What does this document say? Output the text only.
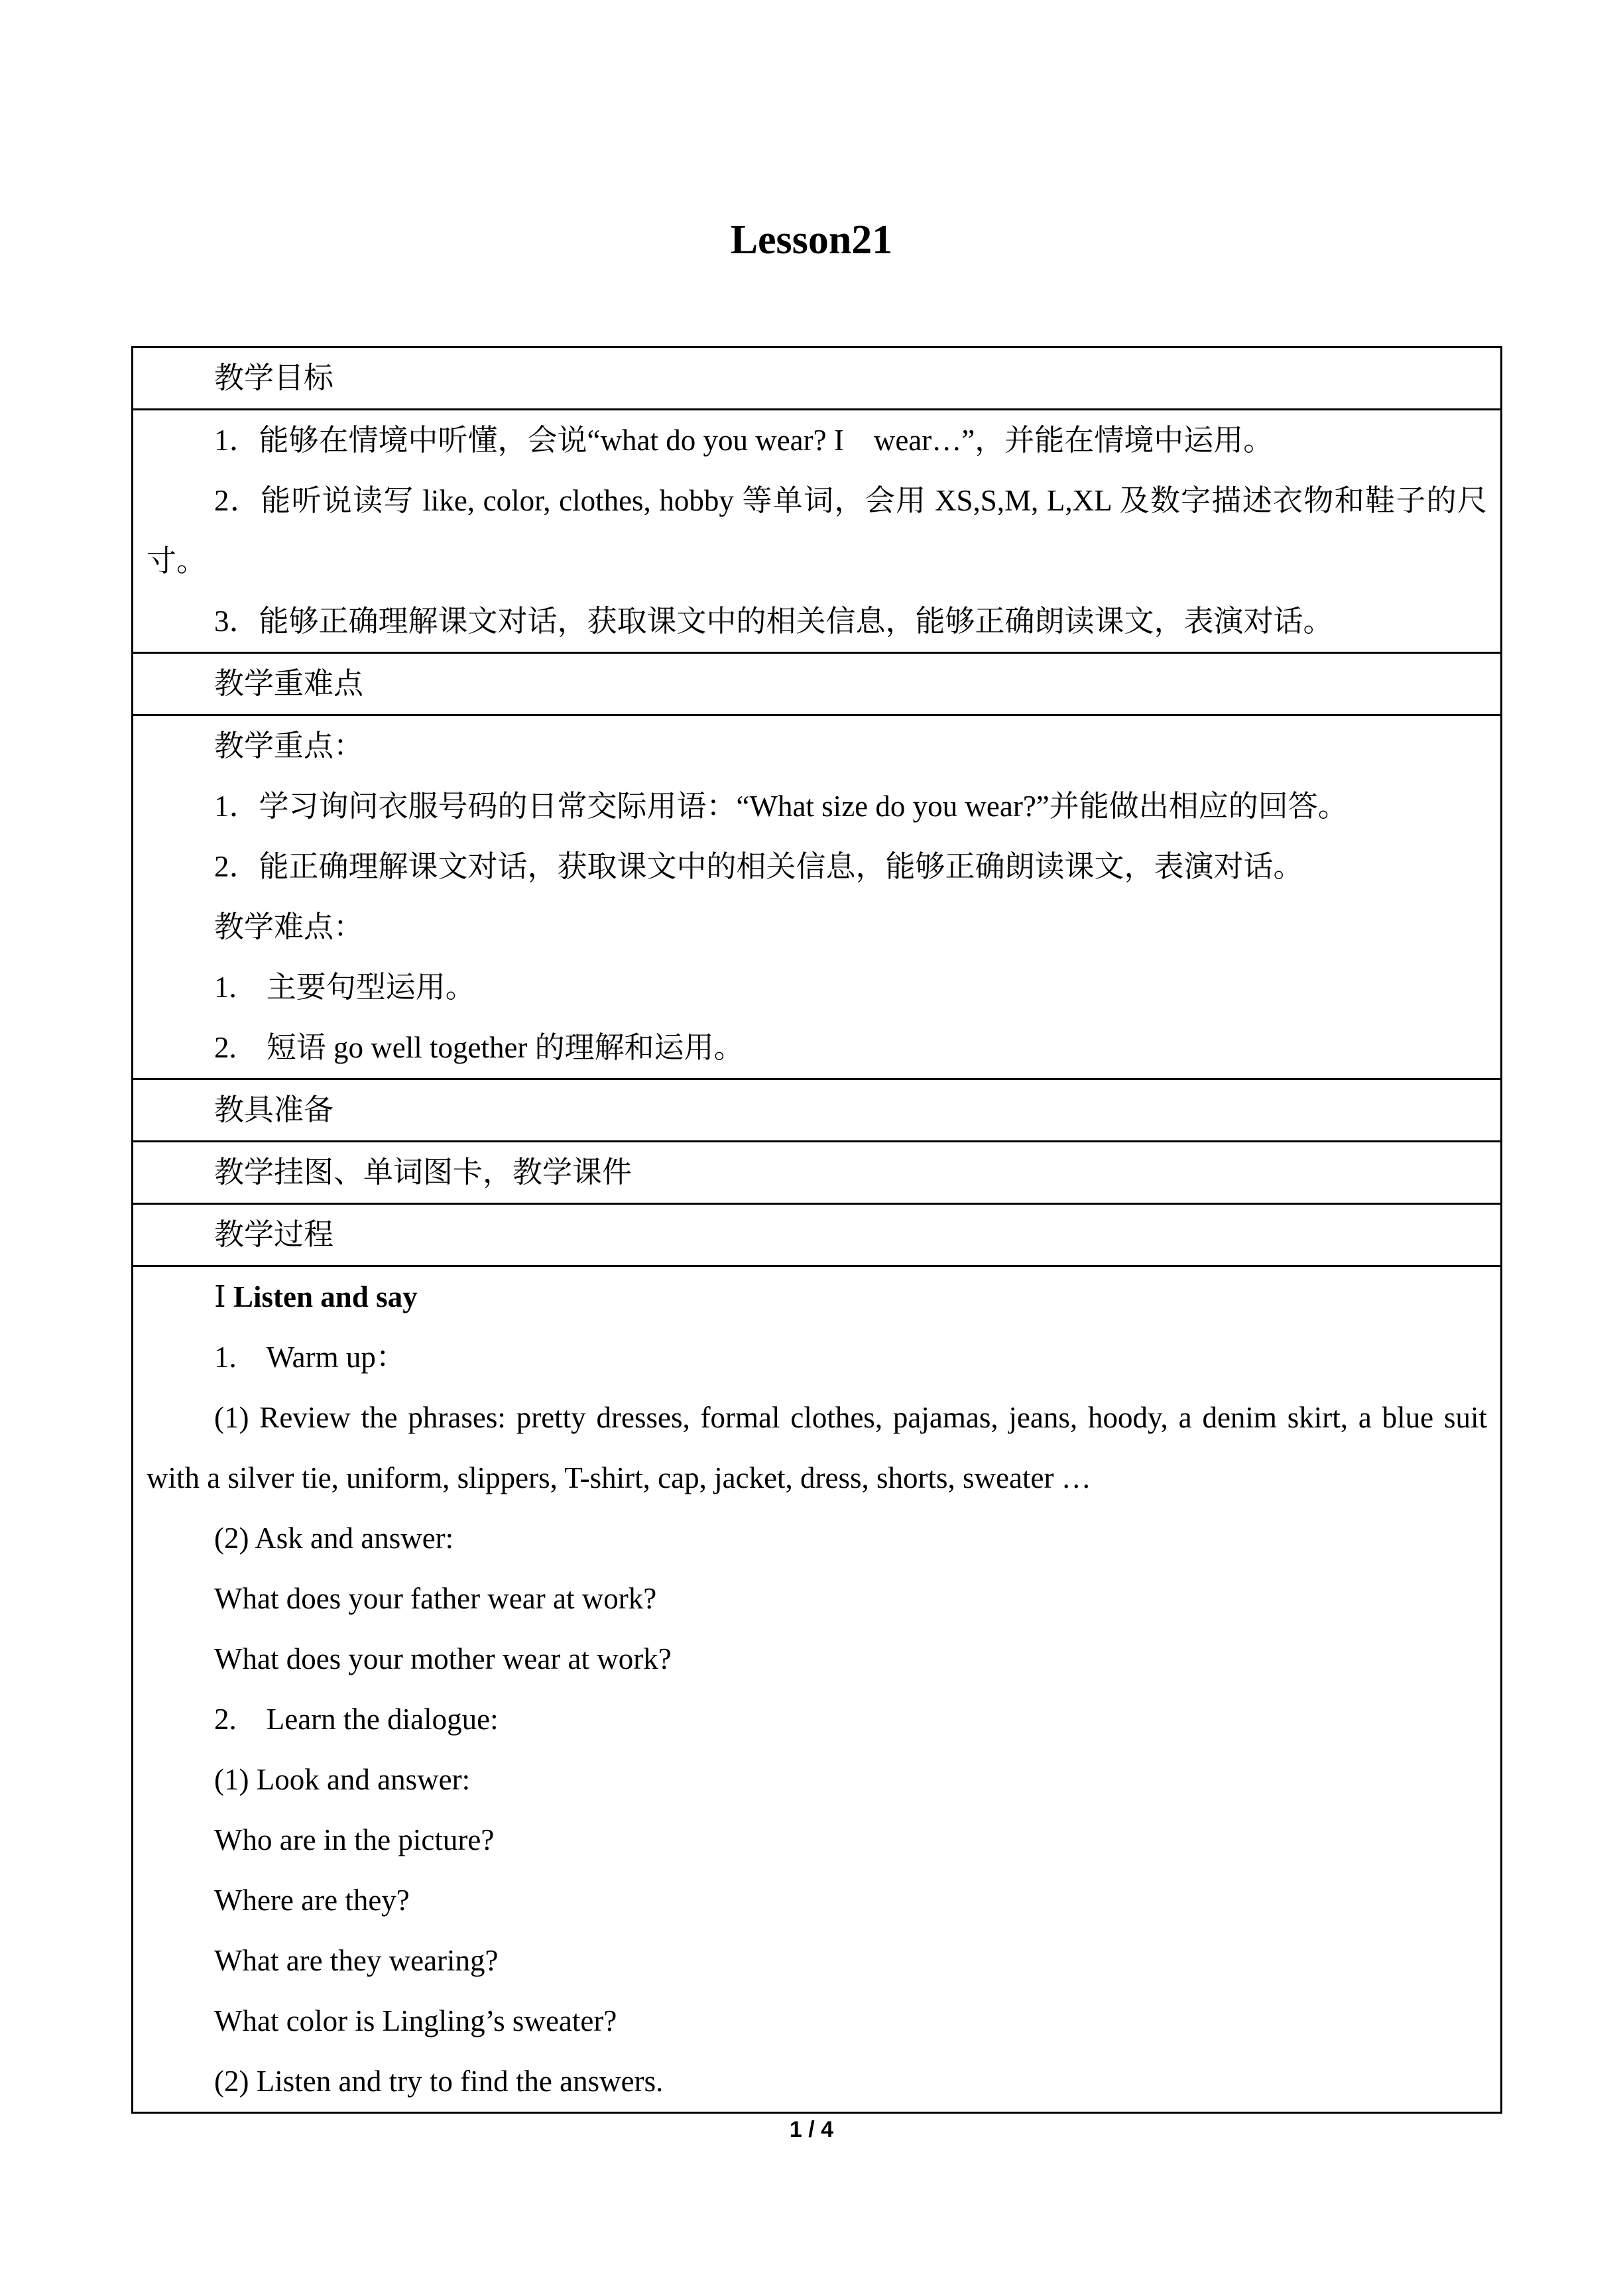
Lesson21
教学目标

1．能够在情境中听懂，会说“what do you wear? I　wear…”，并能在情境中运用。
2．能听说读写 like, color, clothes, hobby 等单词，会用 XS,S,M, L,XL 及数字描述衣物和鞋子的尺寸。
3．能够正确理解课文对话，获取课文中的相关信息，能够正确朗读课文，表演对话。

教学重难点

教学重点：
1．学习询问衣服号码的日常交际用语：“What size do you wear?”并能做出相应的回答。
2．能正确理解课文对话，获取课文中的相关信息，能够正确朗读课文，表演对话。
教学难点：
1.　主要句型运用。
2.　短语 go well together 的理解和运用。

教具准备

教学挂图、单词图卡，教学课件

教学过程

Ⅰ Listen and say
1.　Warm up：
(1) Review the phrases: pretty dresses, formal clothes, pajamas, jeans, hoody, a denim skirt, a blue suit with a silver tie, uniform, slippers, T-shirt, cap, jacket, dress, shorts, sweater …
(2) Ask and answer:
What does your father wear at work?
What does your mother wear at work?
2.　Learn the dialogue:
(1) Look and answer:
Who are in the picture?
Where are they?
What are they wearing?
What color is Lingling’s sweater?
(2) Listen and try to find the answers.
1 / 4
